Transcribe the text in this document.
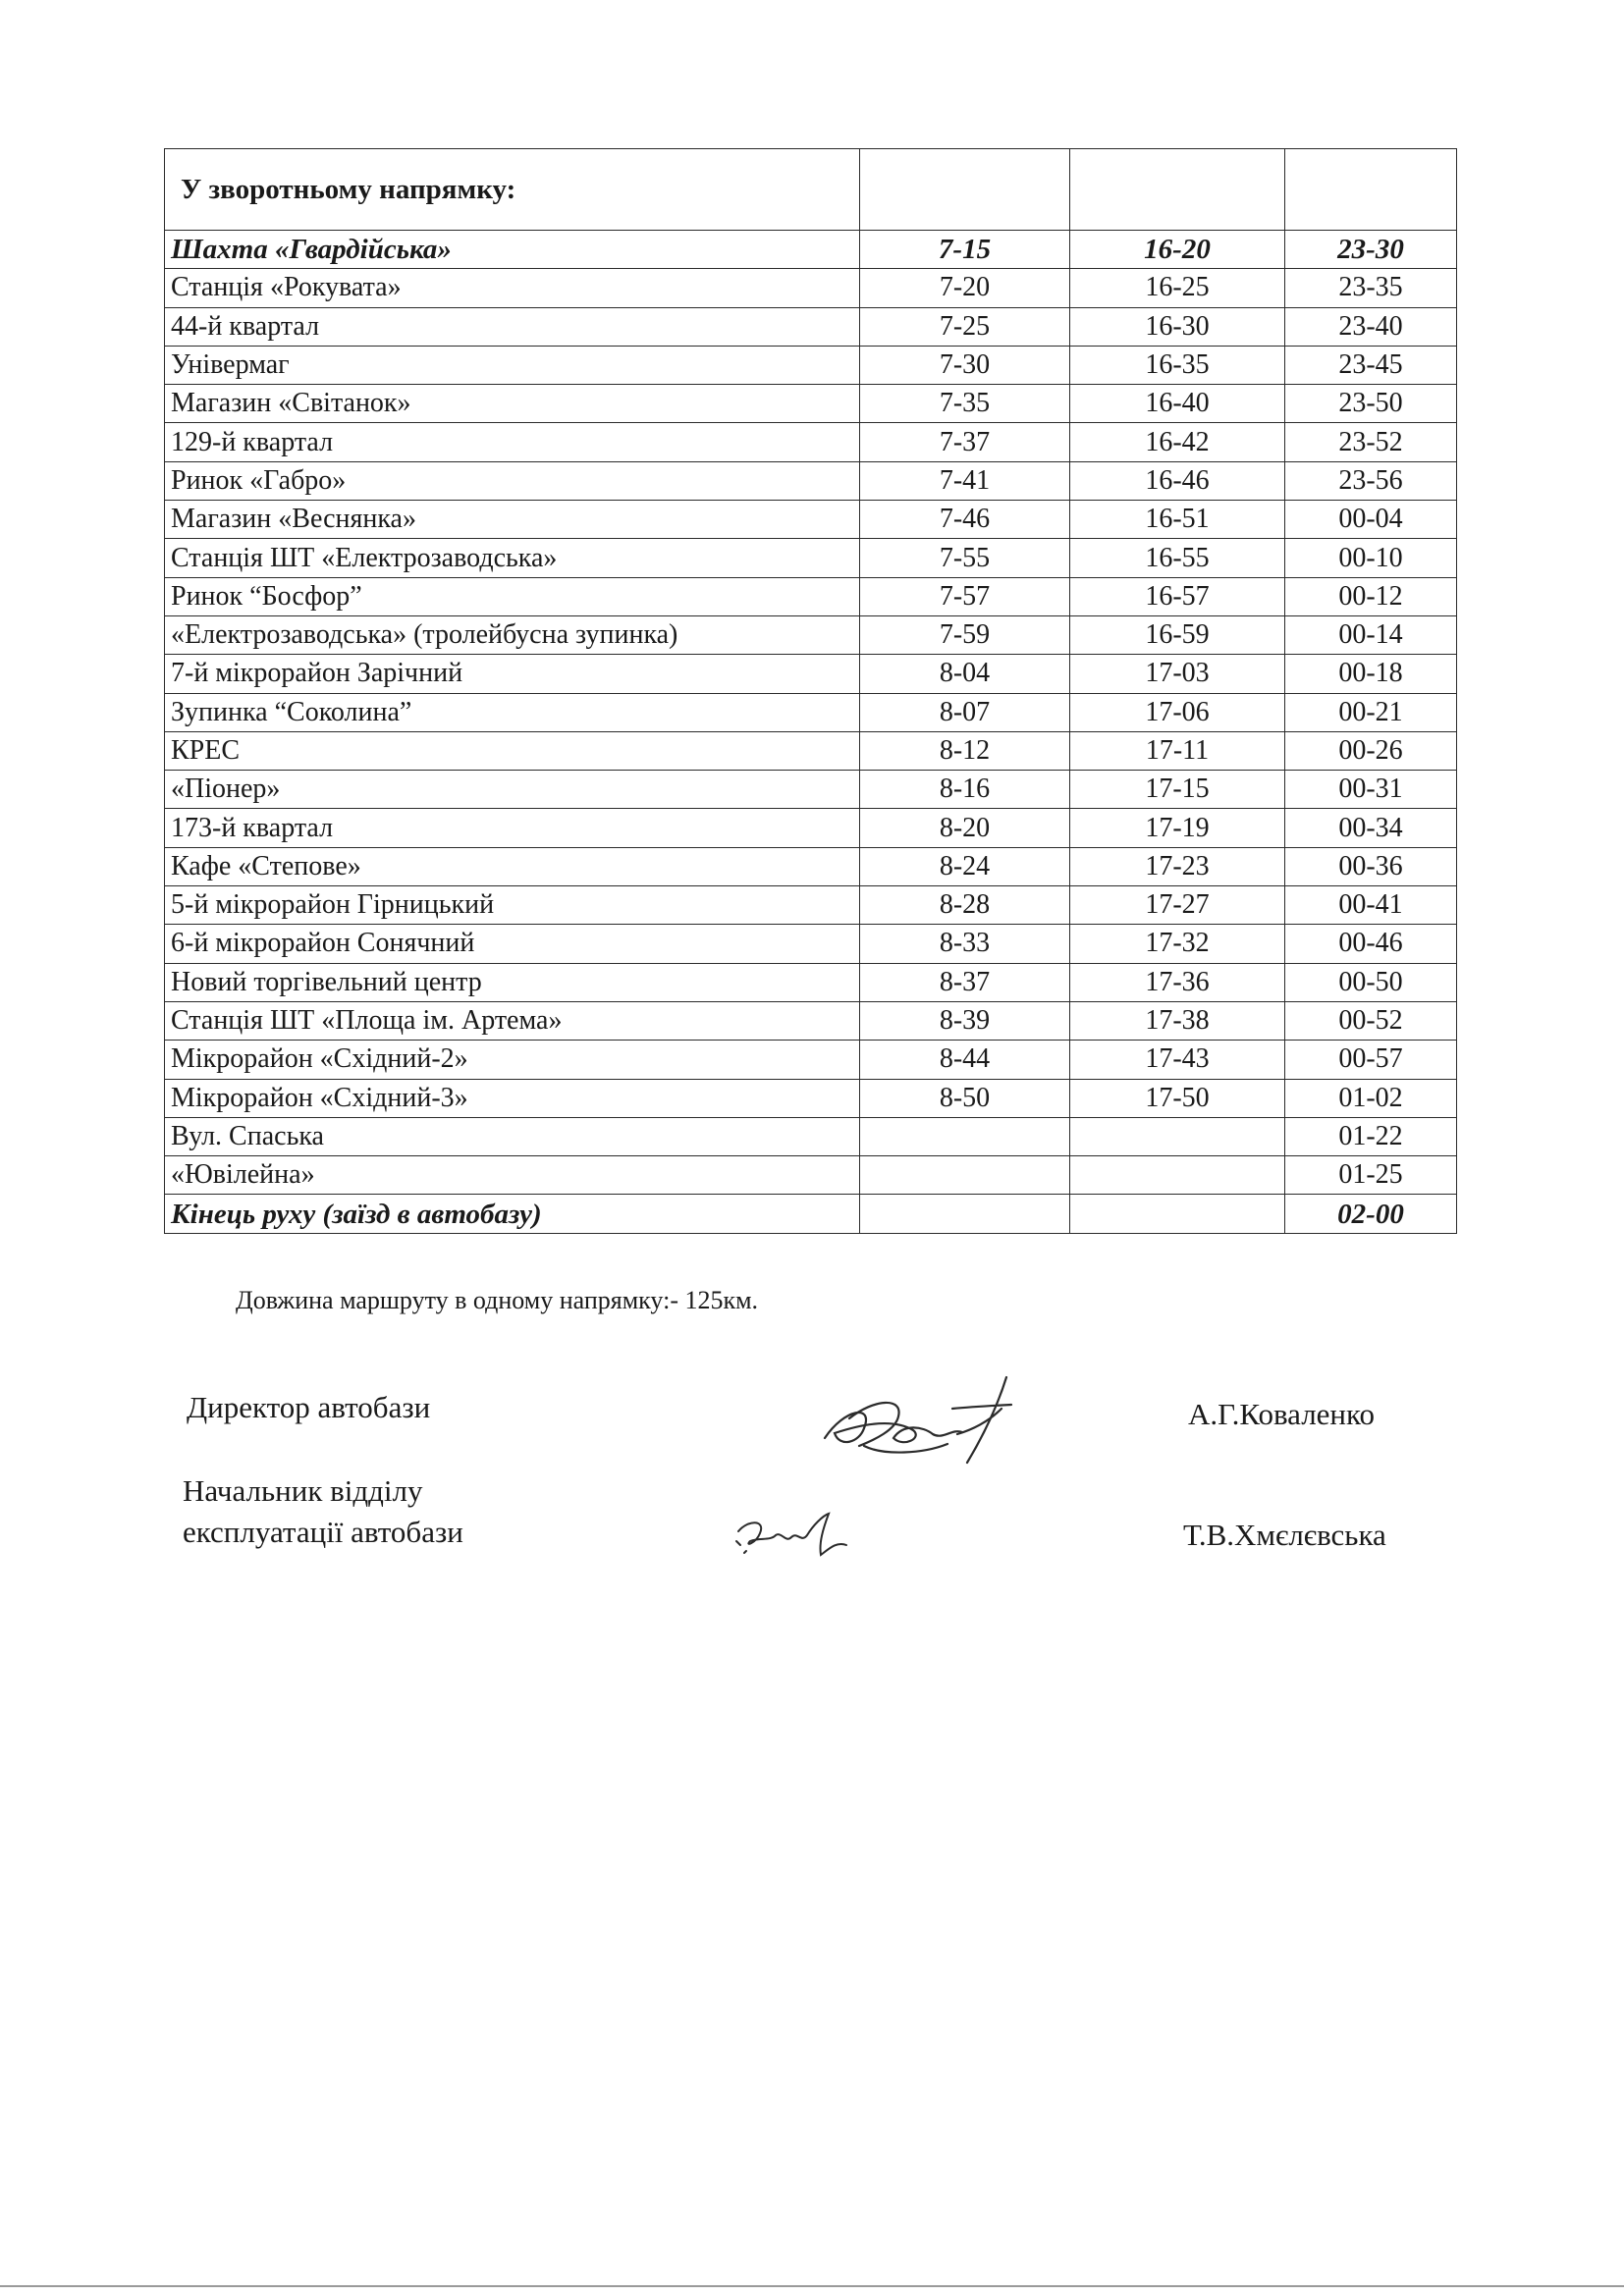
У зворотньому напрямку:			
Шахта «Гвардійська»	7-15	16-20	23-30
Станція «Рокувата»	7-20	16-25	23-35
44-й квартал	7-25	16-30	23-40
Універмаг	7-30	16-35	23-45
Магазин «Світанок»	7-35	16-40	23-50
129-й квартал	7-37	16-42	23-52
Ринок «Габро»	7-41	16-46	23-56
Магазин «Веснянка»	7-46	16-51	00-04
Станція ШТ «Електрозаводська»	7-55	16-55	00-10
Ринок “Босфор”	7-57	16-57	00-12
«Електрозаводська» (тролейбусна зупинка)	7-59	16-59	00-14
7-й мікрорайон Зарічний	8-04	17-03	00-18
Зупинка “Соколина”	8-07	17-06	00-21
КРЕС	8-12	17-11	00-26
«Піонер»	8-16	17-15	00-31
173-й квартал	8-20	17-19	00-34
Кафе «Степове»	8-24	17-23	00-36
5-й мікрорайон Гірницький	8-28	17-27	00-41
6-й мікрорайон Сонячний	8-33	17-32	00-46
Новий торгівельний центр	8-37	17-36	00-50
Станція ШТ «Площа ім. Артема»	8-39	17-38	00-52
Мікрорайон «Східний-2»	8-44	17-43	00-57
Мікрорайон «Східний-3»	8-50	17-50	01-02
Вул. Спаська			01-22
«Ювілейна»			01-25
Кінець руху (заїзд в автобазу)			02-00
Довжина маршруту в одному напрямку:- 125км.
Директор автобази	А.Г.Коваленко
Начальник відділу
експлуатації автобази	Т.В.Хмєлєвська
